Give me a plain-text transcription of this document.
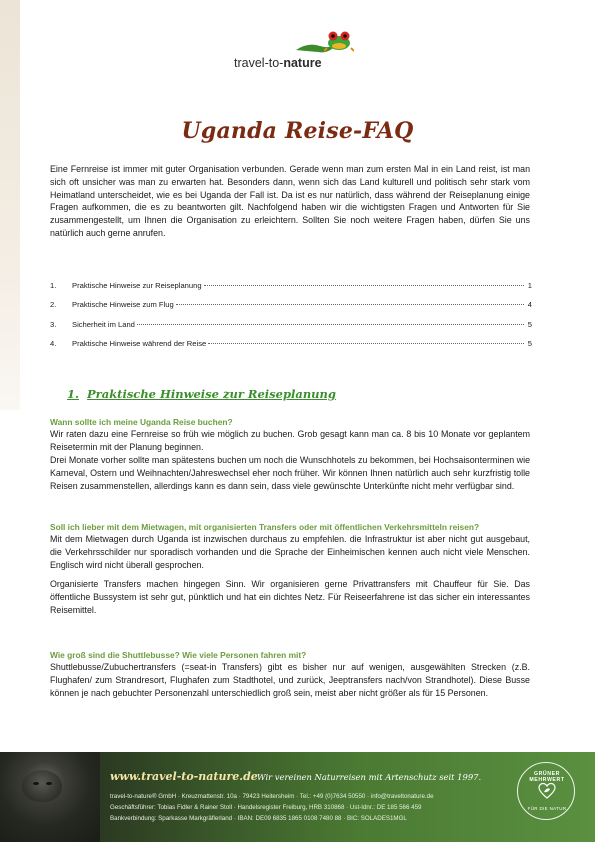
travel-to-nature
Uganda Reise-FAQ

Eine Fernreise ist immer mit guter Organisation verbunden. Gerade wenn man zum ersten Mal in ein Land reist, ist man sich oft unsicher was man zu erwarten hat. Besonders dann, wenn sich das Land kulturell und politisch sehr stark vom Heimatland unterscheidet, wie es bei Uganda der Fall ist. Da ist es nur natürlich, dass während der Reiseplanung einige Fragen aufkommen, die es zu beantworten gilt. Nachfolgend haben wir die wichtigsten Fragen und Antworten für Sie zusammengestellt, um Ihnen die Organisation zu erleichtern. Sollten Sie noch weitere Fragen haben, dürfen Sie uns natürlich auch gerne anrufen.

1.	Praktische Hinweise zur Reiseplanung	1
2.	Praktische Hinweise zum Flug	4
3.	Sicherheit im Land	5
4.	Praktische Hinweise während der Reise	5
1. Praktische Hinweise zur Reiseplanung
Wann sollte ich meine Uganda Reise buchen?

Wir raten dazu eine Fernreise so früh wie möglich zu buchen. Grob gesagt kann man ca. 8 bis 10 Monate vor geplantem Reisetermin mit der Planung beginnen.

Drei Monate vorher sollte man spätestens buchen um noch die Wunschhotels zu bekommen, bei Hochsaisonterminen wie Karneval, Ostern und Weihnachten/Jahreswechsel eher noch früher. Wir können Ihnen natürlich auch sehr kurzfristig tolle Reisen zusammenstellen, allerdings kann es dann sein, dass viele gewünschte Unterkünfte nicht mehr verfügbar sind.

Soll ich lieber mit dem Mietwagen, mit organisierten Transfers oder mit öffentlichen Verkehrsmitteln reisen?

Mit dem Mietwagen durch Uganda ist inzwischen durchaus zu empfehlen. die Infrastruktur ist aber nicht gut ausgebaut, die Verkehrsschilder nur sporadisch vorhanden und die Sprache der Einheimischen kennen auch nicht viele Menschen. Englisch wird nicht überall gesprochen.

Organisierte Transfers machen hingegen Sinn. Wir organisieren gerne Privattransfers mit Chauffeur für Sie. Das öffentliche Bussystem ist sehr gut, pünktlich und hat ein dichtes Netz. Für Reiseerfahrene ist das sicher ein interessantes Reisemittel.

Wie groß sind die Shuttlebusse? Wie viele Personen fahren mit?

Shuttlebusse/Zubuchertransfers (=seat-in Transfers) gibt es bisher nur auf wenigen, ausgewählten Strecken (z.B. Flughafen/ zum Strandresort, Flughafen zum Stadthotel, und zurück, Jeeptransfers nach/von Strandhotel). Diese Busse können je nach gebuchter Personenzahl unterschiedlich groß sein, meist aber nicht größer als für 15 Personen.

www.travel-to-nature.de Wir vereinen Naturreisen mit Artenschutz seit 1997.
travel-to-nature® GmbH · Kreuzmattenstr. 10a · 79423 Heitersheim · Tel.: +49 (0)7634 50550 · info@traveltonature.de
Geschäftsführer: Tobias Fidler & Rainer Stoll · Handelsregister Freiburg, HRB 310868 · Ust-Idnr.: DE 185 566 459
Bankverbindung: Sparkasse Markgräflerland · IBAN: DE09 6835 1865 0108 7480 88 · BIC: SOLADES1MGL
GRÜNER MEHRWERT
FÜR DIE NATUR
